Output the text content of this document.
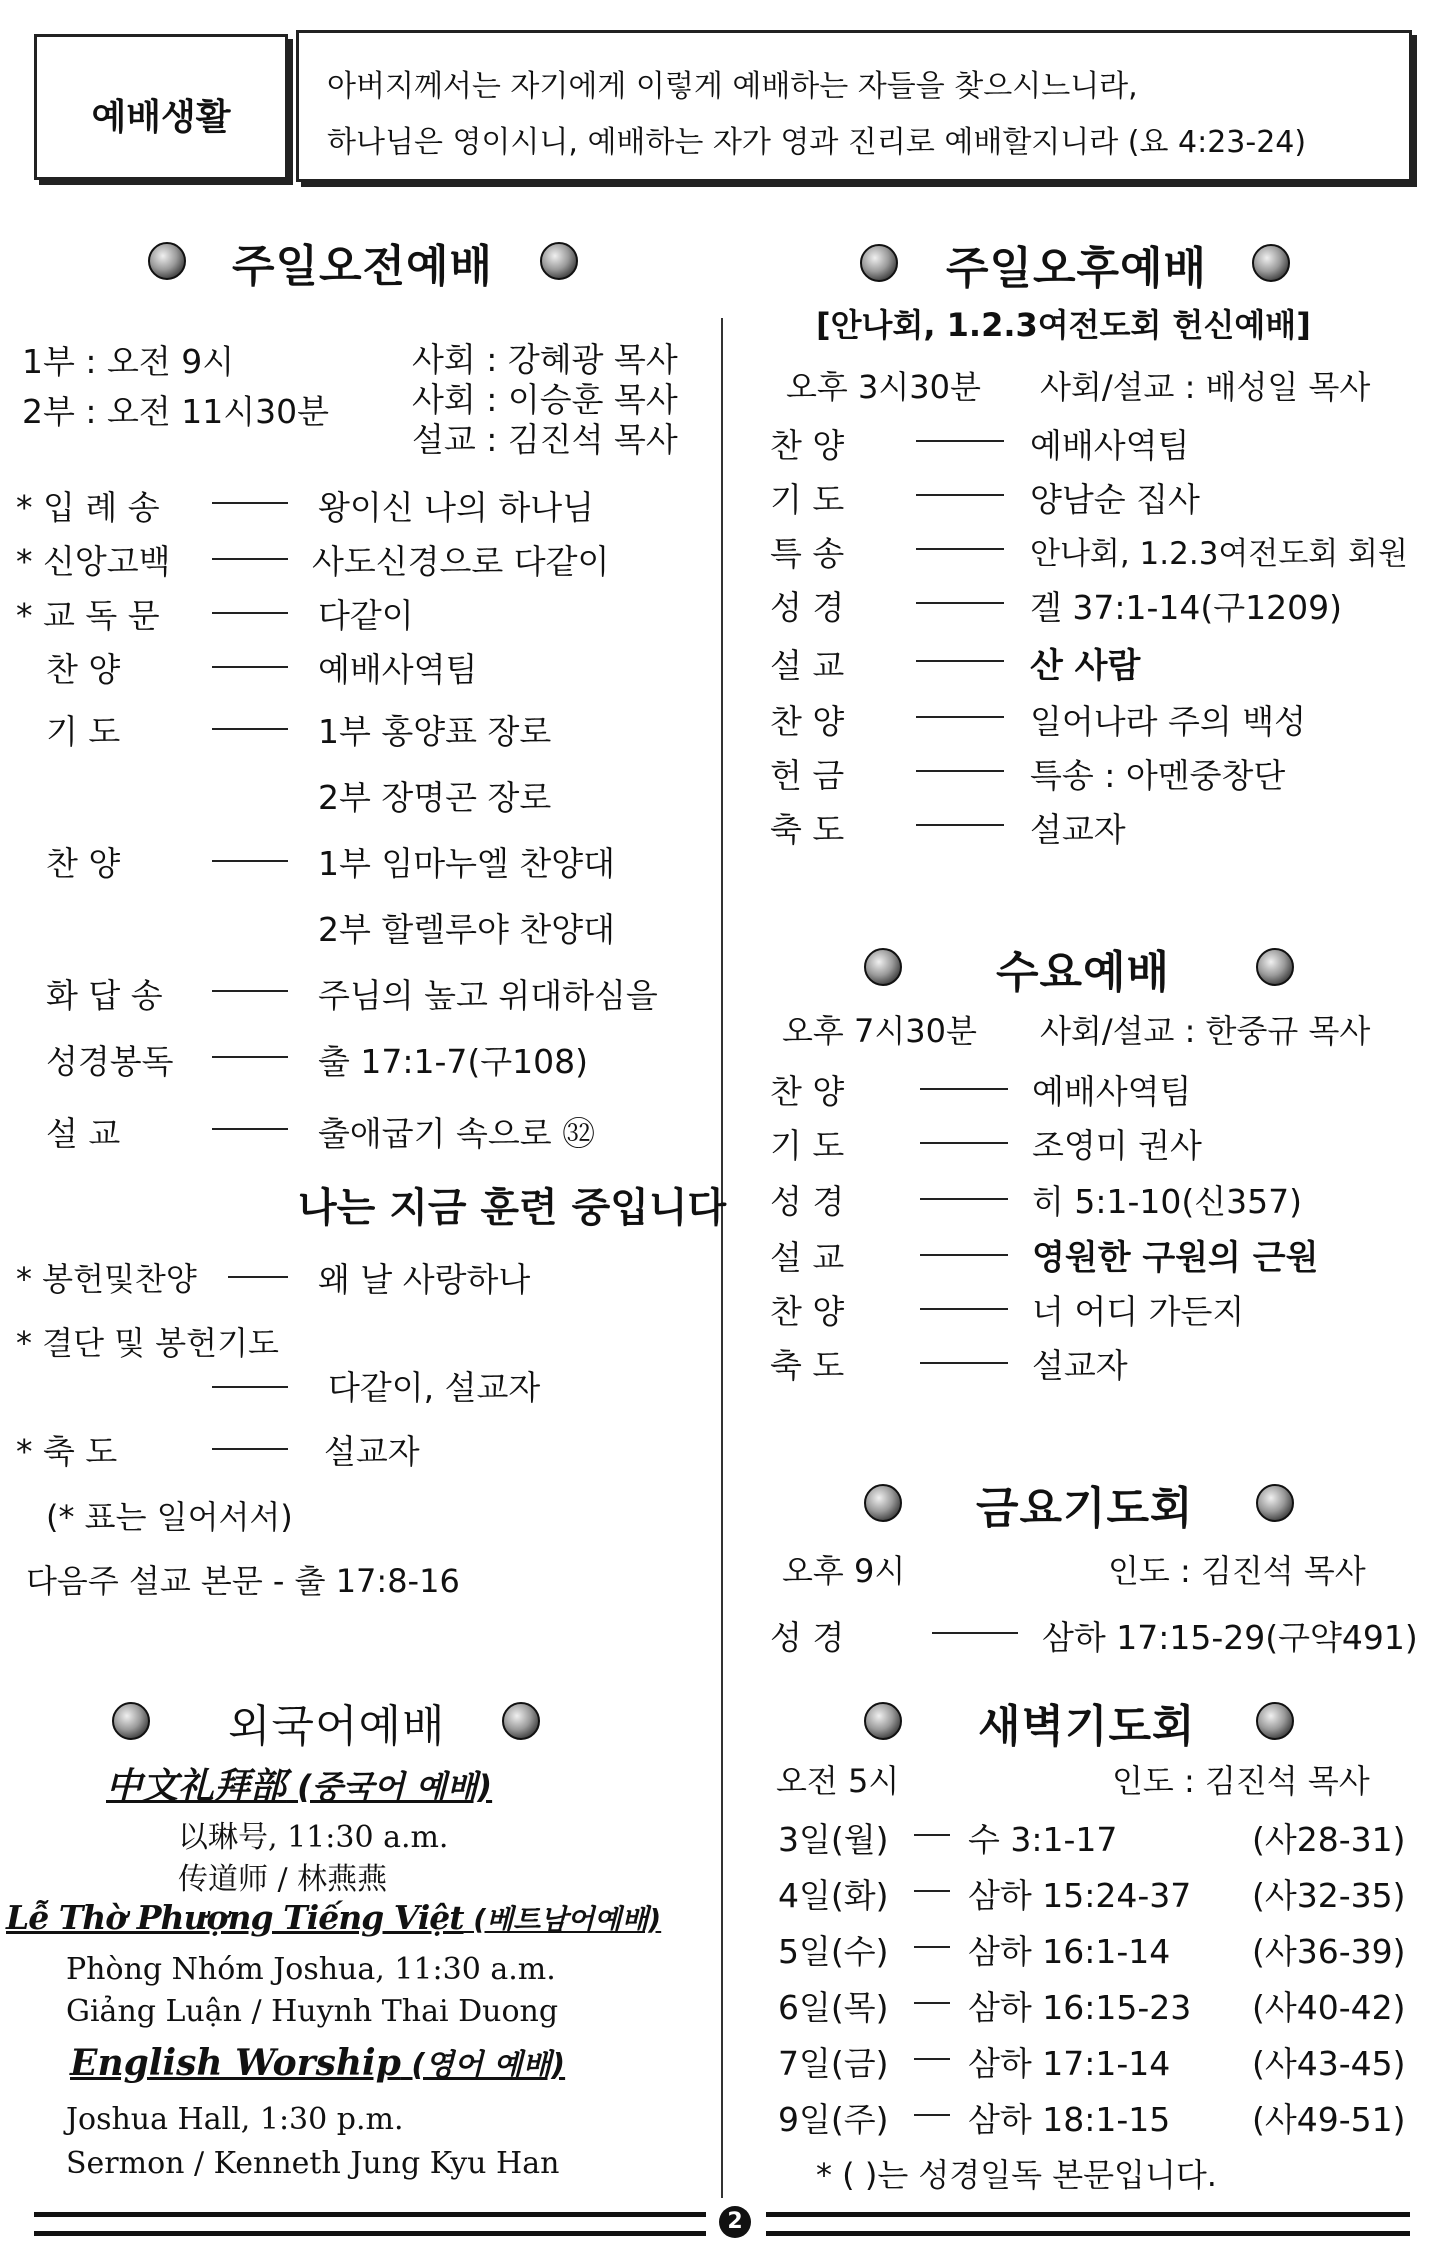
예배생활
아버지께서는 자기에게 이렇게 예배하는 자들을 찾으시느니라,
하나님은 영이시니, 예배하는 자가 영과 진리로 예배할지니라 (요 4:23-24)
주일오전예배
1부 : 오전 9시
2부 : 오전 11시30분
사회 : 강혜광 목사
사회 : 이승훈 목사
설교 : 김진석 목사
* 입 례 송	왕이신 나의 하나님
* 신앙고백	사도신경으로 다같이
* 교 독 문	다같이
찬 양	예배사역팀
기 도	1부 홍양표 장로
2부 장명곤 장로
찬 양	1부 임마누엘 찬양대
2부 할렐루야 찬양대
화 답 송	주님의 높고 위대하심을
성경봉독	출 17:1-7(구108)
설 교	출애굽기 속으로 ㉜
나는 지금 훈련 중입니다
* 봉헌및찬양	왜 날 사랑하나
* 결단 및 봉헌기도
다같이, 설교자
* 축 도	설교자
(* 표는 일어서서)
다음주 설교 본문 - 출 17:8-16
외국어예배
中文礼拜部 (중국어 예배)
以琳号, 11:30 a.m.
传道师 / 林燕燕
Lễ Thờ Phượng Tiếng Việt (베트남어예배)
Phòng Nhóm Joshua, 11:30 a.m.
Giảng Luận / Huynh Thai Duong
English Worship (영어 예배)
Joshua Hall, 1:30 p.m.
Sermon / Kenneth Jung Kyu Han
주일오후예배
[안나회, 1.2.3여전도회 헌신예배]
오후 3시30분 사회/설교 : 배성일 목사
찬 양	예배사역팀
기 도	양남순 집사
특 송	안나회, 1.2.3여전도회 회원
성 경	겔 37:1-14(구1209)
설 교	산 사람
찬 양	일어나라 주의 백성
헌 금	특송 : 아멘중창단
축 도	설교자
수요예배
오후 7시30분 사회/설교 : 한중규 목사
찬 양	예배사역팀
기 도	조영미 권사
성 경	히 5:1-10(신357)
설 교	영원한 구원의 근원
찬 양	너 어디 가든지
축 도	설교자
금요기도회
오후 9시	인도 : 김진석 목사
성 경	삼하 17:15-29(구약491)
새벽기도회
오전 5시	인도 : 김진석 목사
3일(월) 수 3:1-17	(사28-31)
4일(화) 삼하 15:24-37 (사32-35)
5일(수) 삼하 16:1-14 (사36-39)
6일(목) 삼하 16:15-23 (사40-42)
7일(금) 삼하 17:1-14 (사43-45)
9일(주) 삼하 18:1-15 (사49-51)
* ( )는 성경일독 본문입니다.
2
